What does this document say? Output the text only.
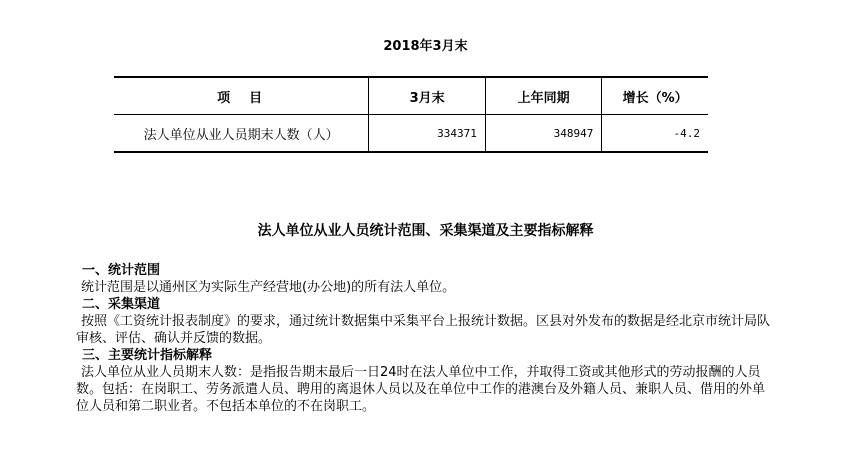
2018年3月末
项　目	3月末	上年同期	增长（%）
法人单位从业人员期末人数（人）	334371	348947	-4.2
法人单位从业人员统计范围、采集渠道及主要指标解释
一、统计范围
统计范围是以通州区为实际生产经营地(办公地)的所有法人单位。
二、采集渠道
按照《工资统计报表制度》的要求，通过统计数据集中采集平台上报统计数据。区县对外发布的数据是经北京市统计局队审核、评估、确认并反馈的数据。
三、主要统计指标解释
法人单位从业人员期末人数：是指报告期末最后一日24时在法人单位中工作，并取得工资或其他形式的劳动报酬的人员数。包括：在岗职工、劳务派遣人员、聘用的离退休人员以及在单位中工作的港澳台及外籍人员、兼职人员、借用的外单位人员和第二职业者。不包括本单位的不在岗职工。
